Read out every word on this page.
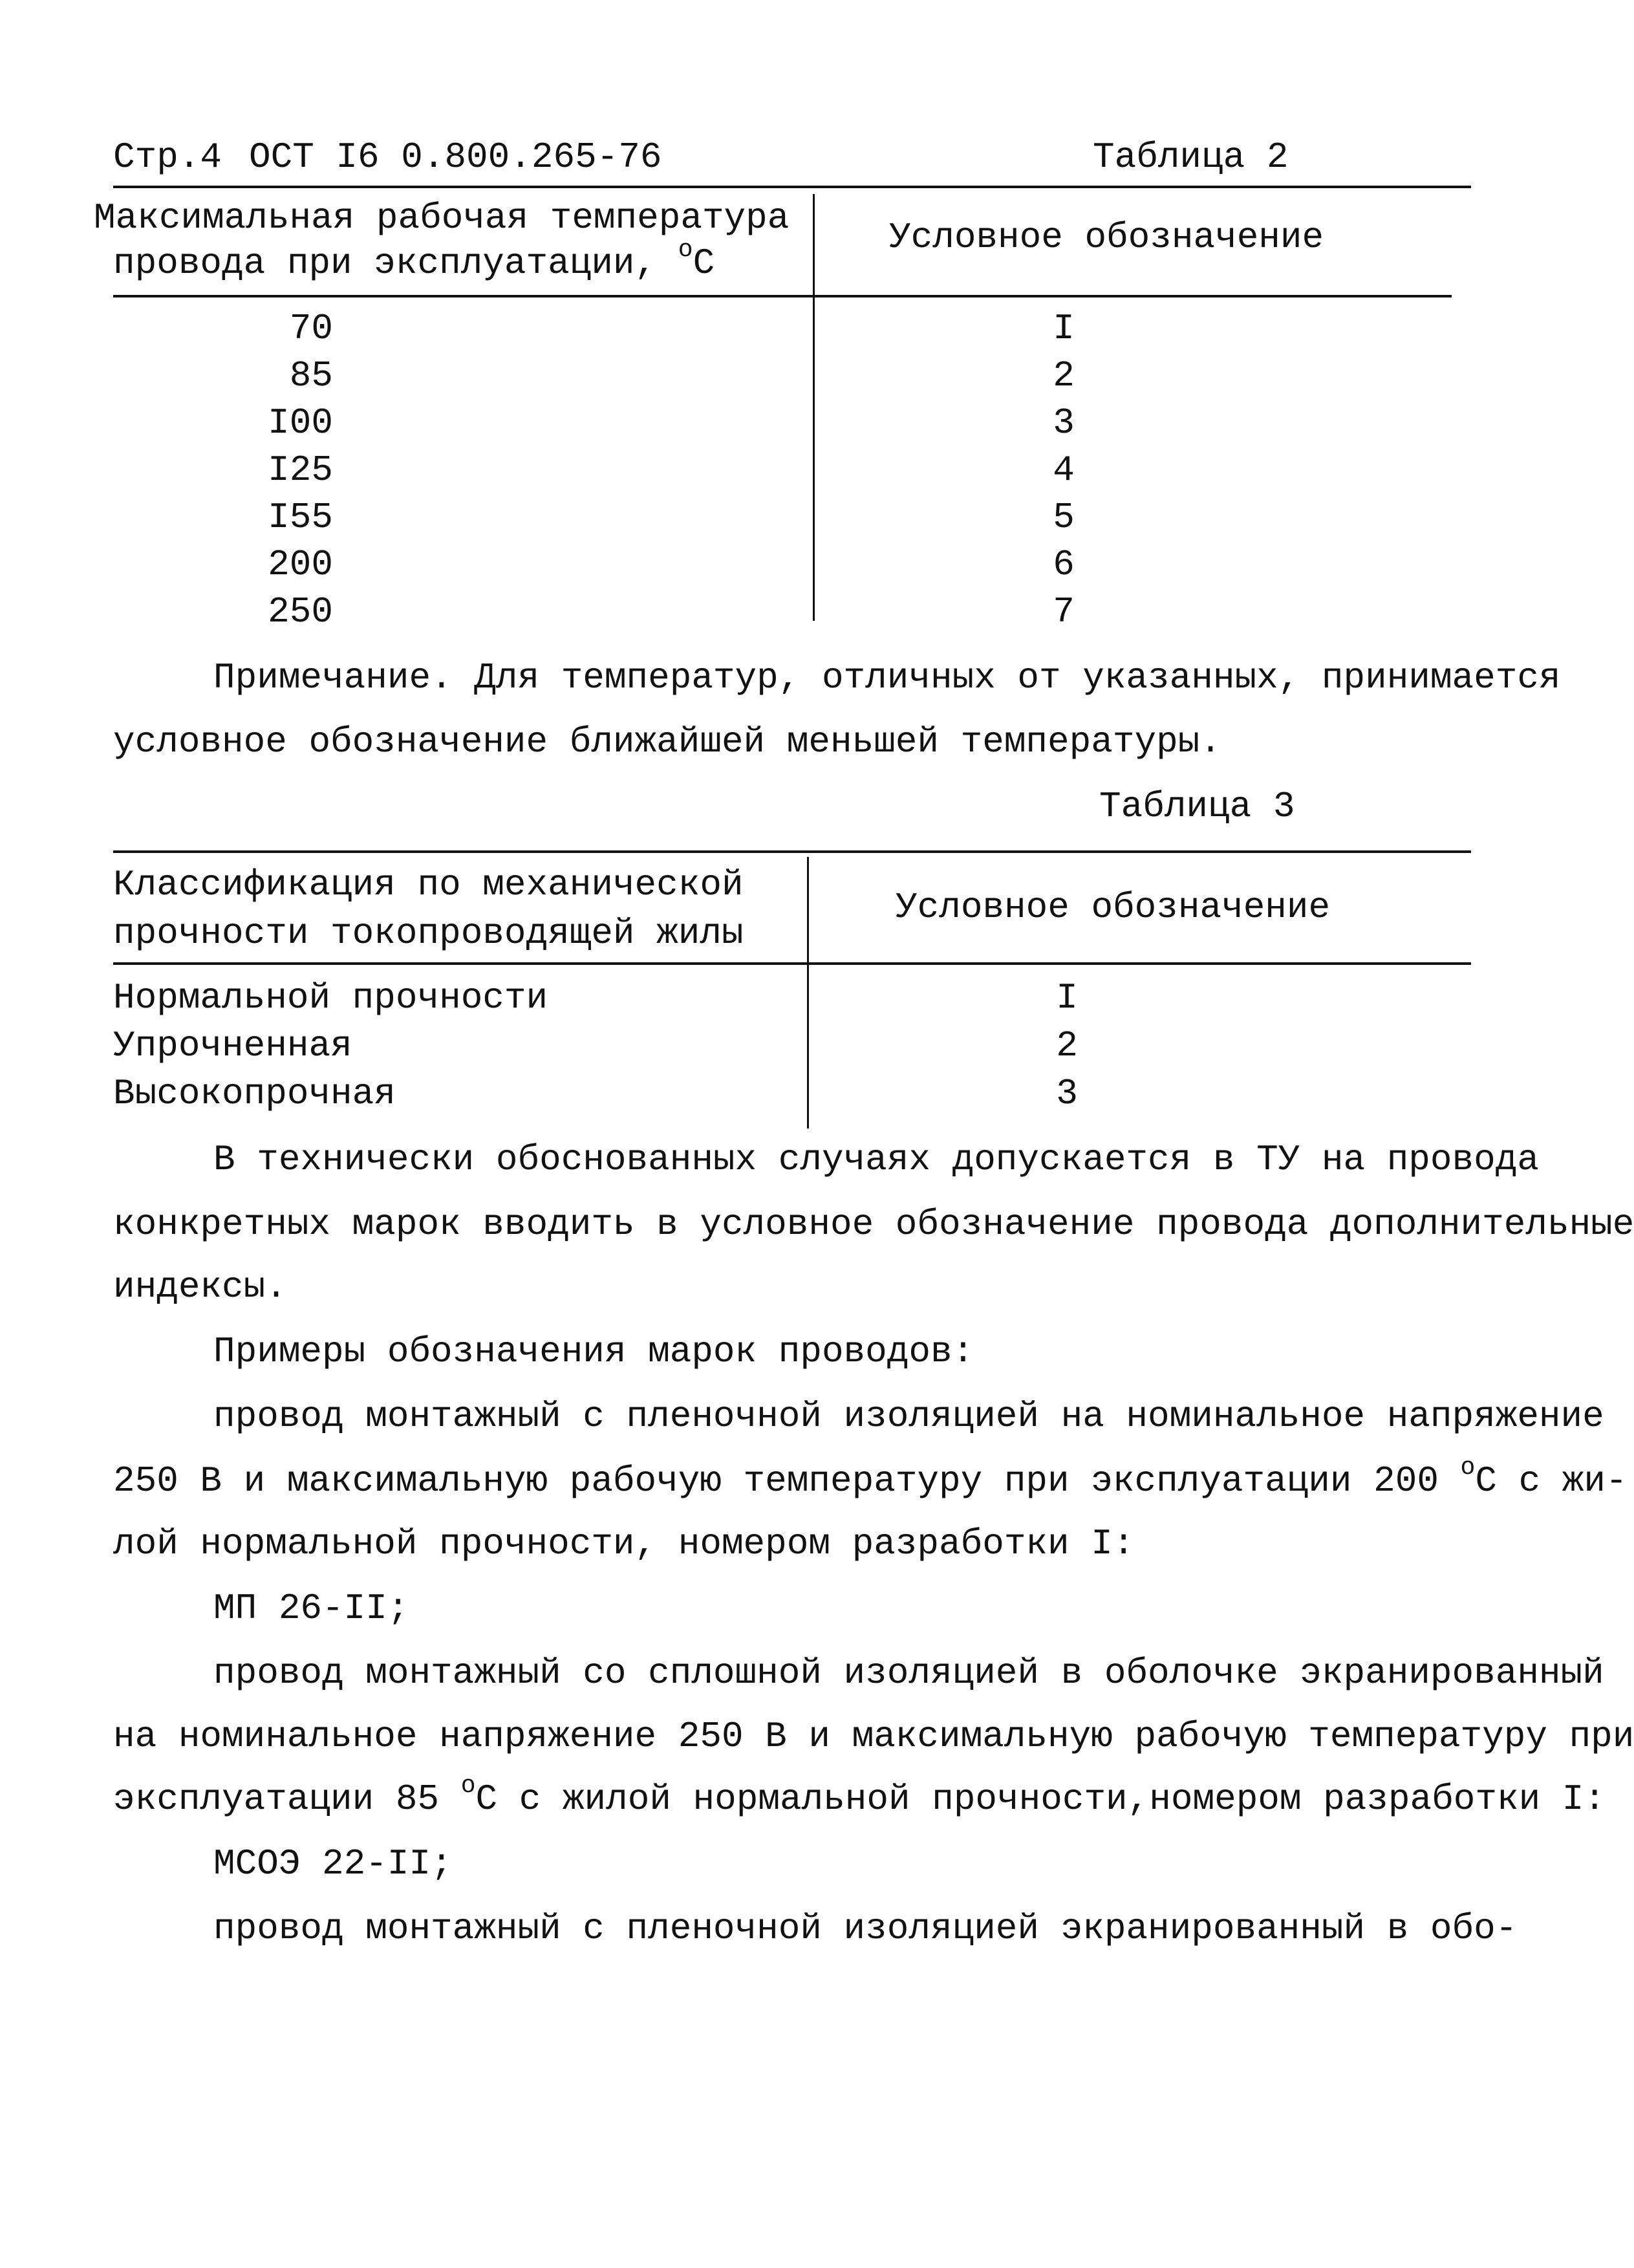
Стр.4 ОСТ I6 0.800.265-76	Таблица 2
Максимальная рабочая температура
провода при эксплуатации, $^o$C
Условное обозначение
70	I
85	2
I00	3
I25	4
I55	5
200	6
250	7
Примечание. Для температур, отличных от указанных, принимается
условное обозначение ближайшей меньшей температуры.
Таблица 3
Классификация по механической
прочности токопроводящей жилы
Условное обозначение
Нормальной прочности	I
Упрочненная	2
Высокопрочная	3
В технически обоснованных случаях допускается в ТУ на провода
конкретных марок вводить в условное обозначение провода дополнительные
индексы.
Примеры обозначения марок проводов:
провод монтажный с пленочной изоляцией на номинальное напряжение
250 В и максимальную рабочую температуру при эксплуатации 200 $^o$C с жи-
лой нормальной прочности, номером разработки I:
МП 26-II;
провод монтажный со сплошной изоляцией в оболочке экранированный
на номинальное напряжение 250 В и максимальную рабочую температуру при
эксплуатации 85 $^o$C с жилой нормальной прочности,номером разработки I:
МСОЭ 22-II;
провод монтажный с пленочной изоляцией экранированный в обо-
